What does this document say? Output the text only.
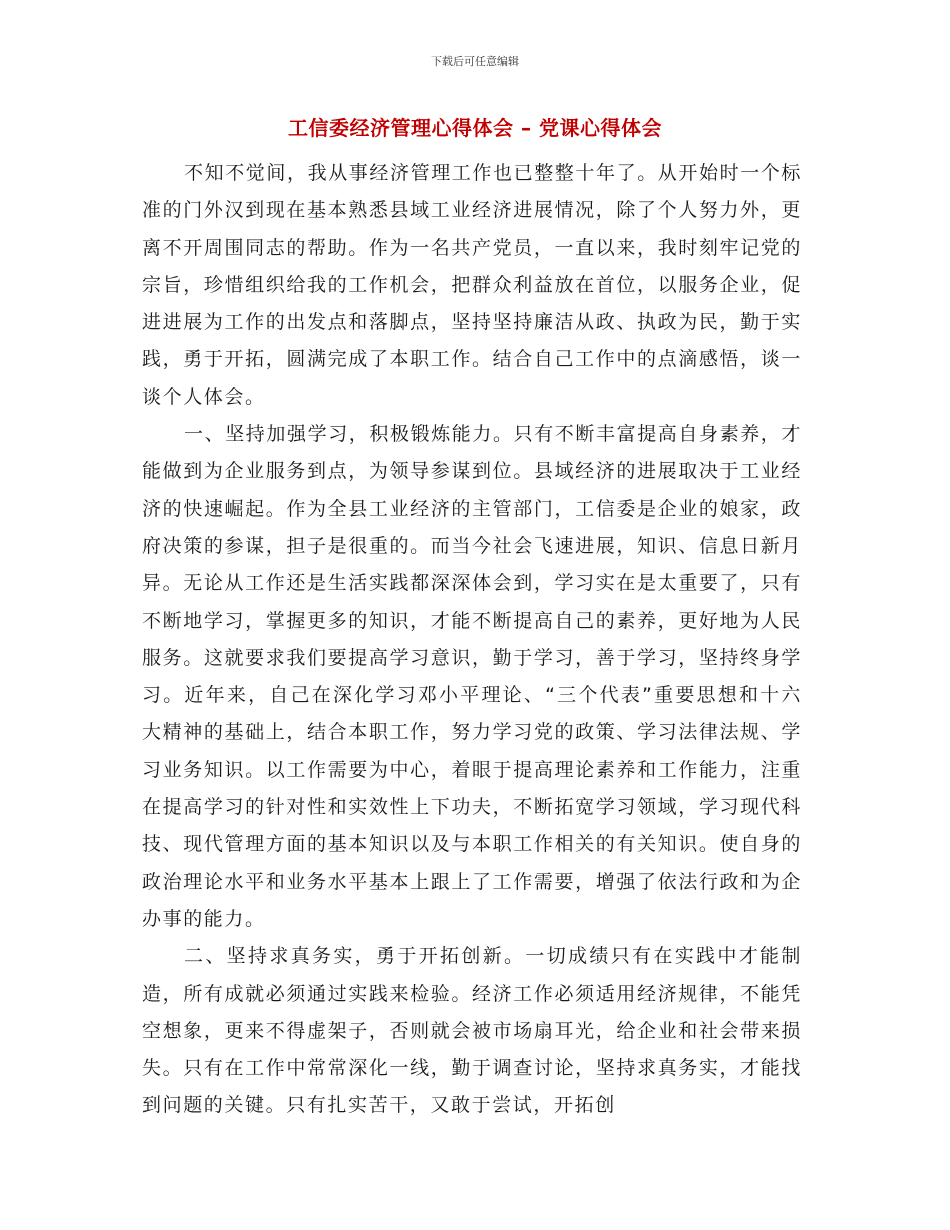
下载后可任意编辑
工信委经济管理心得体会 – 党课心得体会

不知不觉间，我从事经济管理工作也已整整十年了。从开始时一个标准的门外汉到现在基本熟悉县域工业经济进展情况，除了个人努力外，更离不开周围同志的帮助。作为一名共产党员，一直以来，我时刻牢记党的宗旨，珍惜组织给我的工作机会，把群众利益放在首位，以服务企业，促进进展为工作的出发点和落脚点，坚持坚持廉洁从政、执政为民，勤于实践，勇于开拓，圆满完成了本职工作。结合自己工作中的点滴感悟，谈一谈个人体会。

一、坚持加强学习，积极锻炼能力。只有不断丰富提高自身素养，才能做到为企业服务到点，为领导参谋到位。县域经济的进展取决于工业经济的快速崛起。作为全县工业经济的主管部门，工信委是企业的娘家，政府决策的参谋，担子是很重的。而当今社会飞速进展，知识、信息日新月异。无论从工作还是生活实践都深深体会到，学习实在是太重要了，只有不断地学习，掌握更多的知识，才能不断提高自己的素养，更好地为人民服务。这就要求我们要提高学习意识，勤于学习，善于学习，坚持终身学习。近年来，自己在深化学习邓小平理论、“三个代表”重要思想和十六大精神的基础上，结合本职工作，努力学习党的政策、学习法律法规、学习业务知识。以工作需要为中心，着眼于提高理论素养和工作能力，注重在提高学习的针对性和实效性上下功夫，不断拓宽学习领域，学习现代科技、现代管理方面的基本知识以及与本职工作相关的有关知识。使自身的政治理论水平和业务水平基本上跟上了工作需要，增强了依法行政和为企办事的能力。

二、坚持求真务实，勇于开拓创新。一切成绩只有在实践中才能制造，所有成就必须通过实践来检验。经济工作必须适用经济规律，不能凭空想象，更来不得虚架子，否则就会被市场扇耳光，给企业和社会带来损失。只有在工作中常常深化一线，勤于调查讨论，坚持求真务实，才能找到问题的关键。只有扎实苦干，又敢于尝试，开拓创
